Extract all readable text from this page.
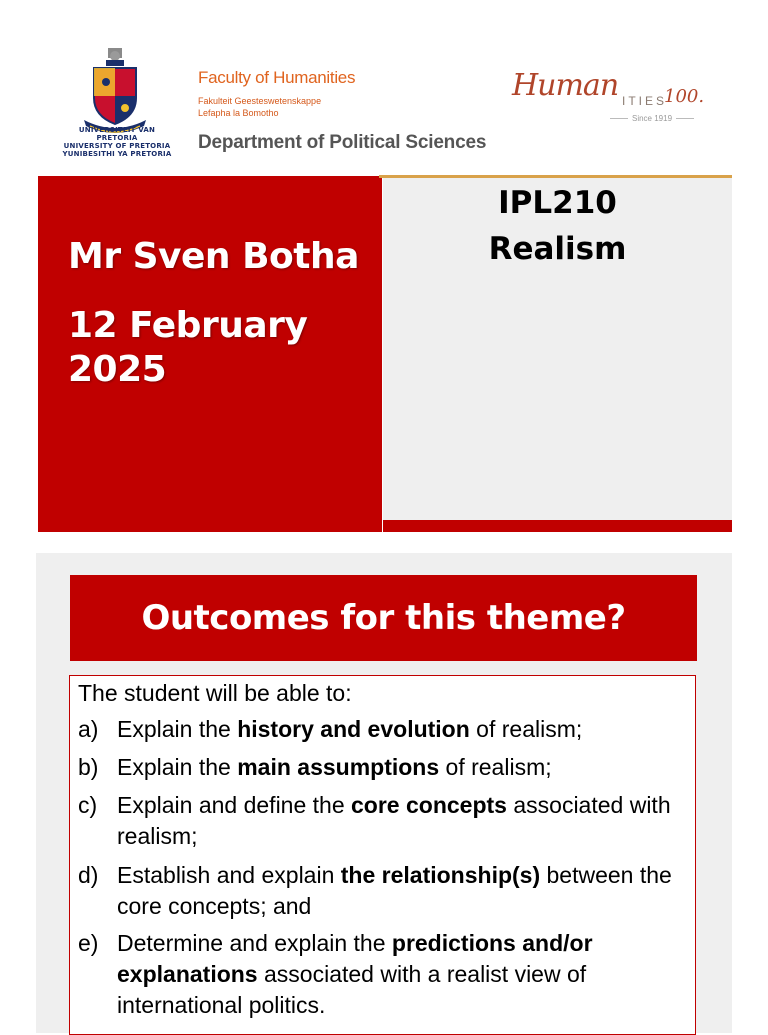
UNIVERSITEIT VAN PRETORIA
UNIVERSITY OF PRETORIA
YUNIBESITHI YA PRETORIA
Faculty of Humanities
Fakulteit Geesteswetenskappe
Lefapha la Bomotho
Department of Political Sciences
Human ITIES
100.
Since 1919
Mr Sven Botha
12 February 2025
IPL210
Realism
Outcomes for this theme?
The student will be able to:
a) Explain the history and evolution of realism;
b) Explain the main assumptions of realism;
c) Explain and define the core concepts associated with realism;
d) Establish and explain the relationship(s) between the core concepts; and
e) Determine and explain the predictions and/or explanations associated with a realist view of international politics.
